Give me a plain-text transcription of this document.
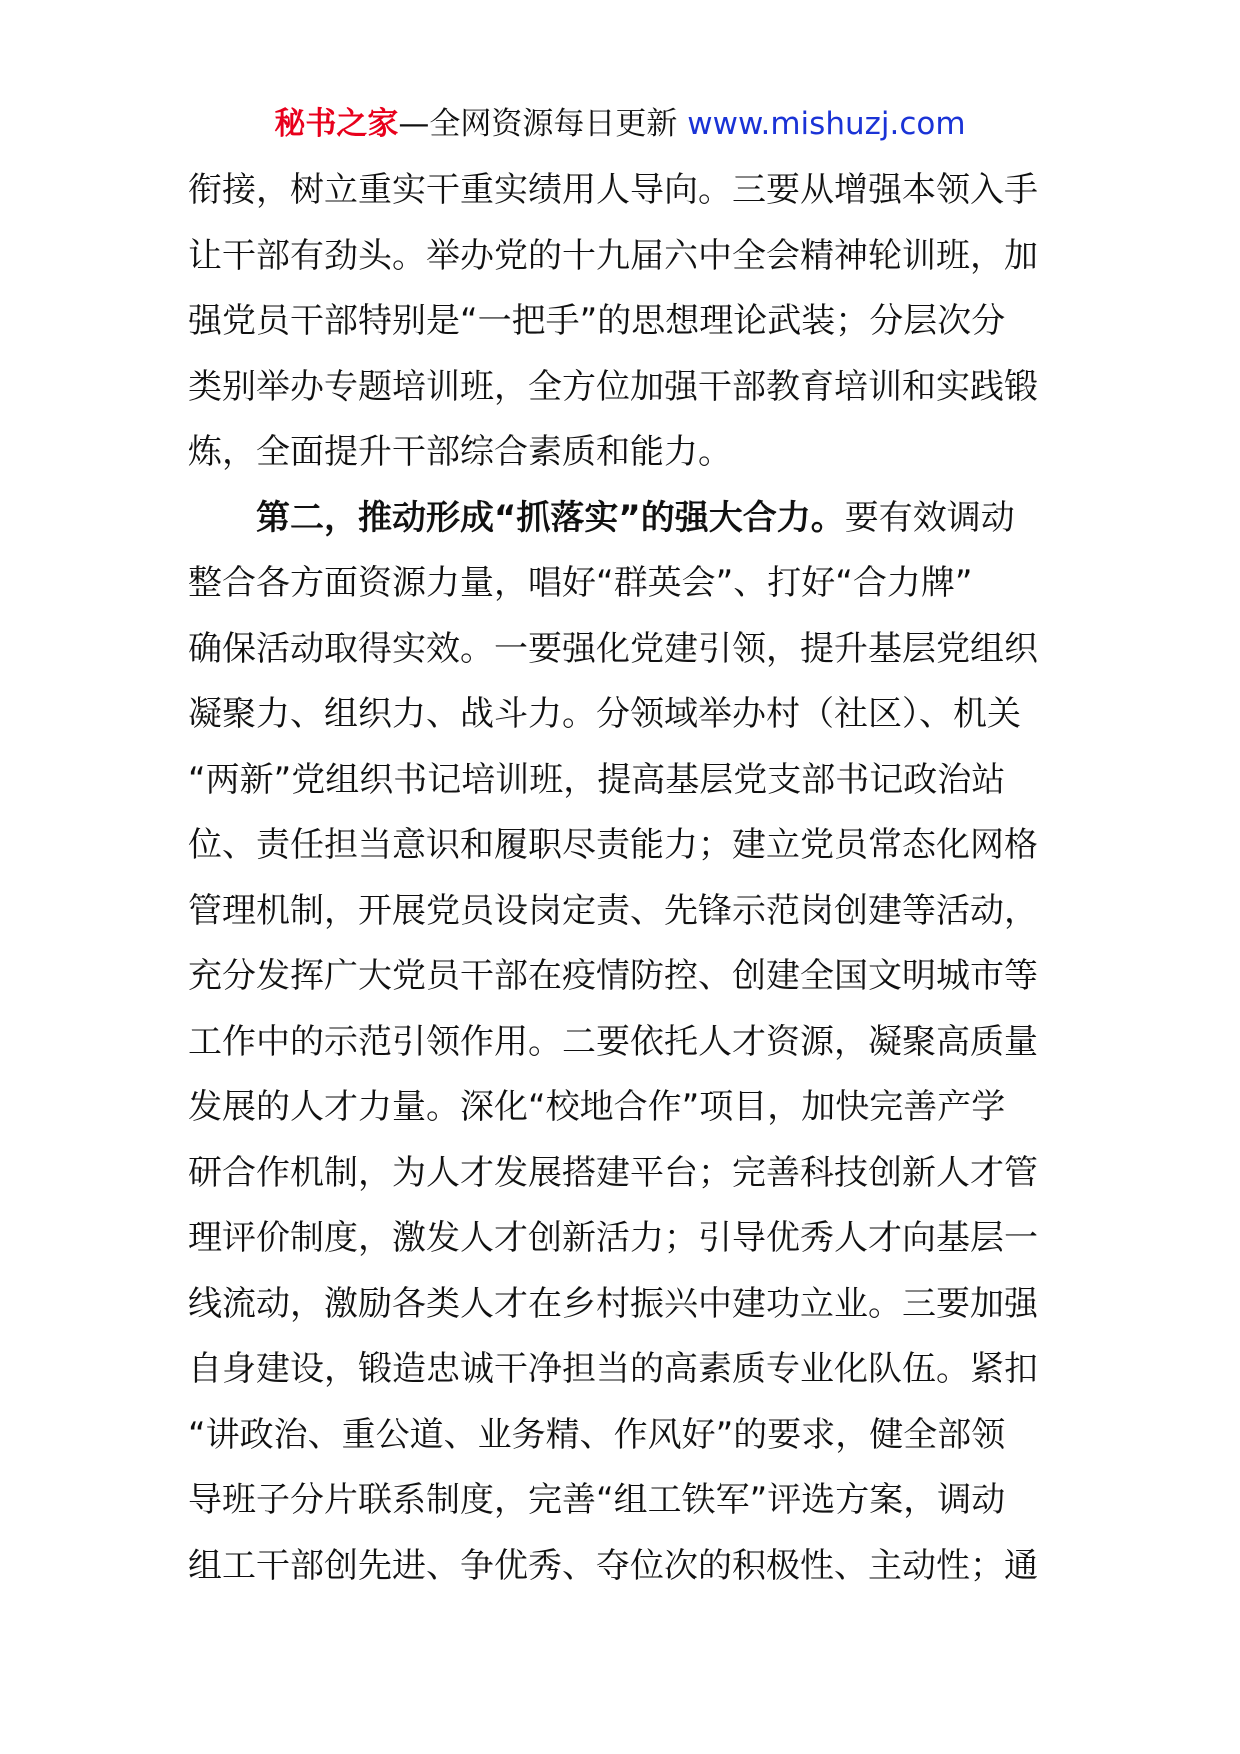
秘书之家—全网资源每日更新 www.mishuzj.com
衔接，树立重实干重实绩用人导向。三要从增强本领入手
让干部有劲头。举办党的十九届六中全会精神轮训班，加
强党员干部特别是“一把手”的思想理论武装；分层次分
类别举办专题培训班，全方位加强干部教育培训和实践锻
炼，全面提升干部综合素质和能力。
　　第二，推动形成“抓落实”的强大合力。要有效调动
整合各方面资源力量，唱好“群英会”、打好“合力牌”
确保活动取得实效。一要强化党建引领，提升基层党组织
凝聚力、组织力、战斗力。分领域举办村（社区）、机关
“两新”党组织书记培训班，提高基层党支部书记政治站
位、责任担当意识和履职尽责能力；建立党员常态化网格
管理机制，开展党员设岗定责、先锋示范岗创建等活动，
充分发挥广大党员干部在疫情防控、创建全国文明城市等
工作中的示范引领作用。二要依托人才资源，凝聚高质量
发展的人才力量。深化“校地合作”项目，加快完善产学
研合作机制，为人才发展搭建平台；完善科技创新人才管
理评价制度，激发人才创新活力；引导优秀人才向基层一
线流动，激励各类人才在乡村振兴中建功立业。三要加强
自身建设，锻造忠诚干净担当的高素质专业化队伍。紧扣
“讲政治、重公道、业务精、作风好”的要求，健全部领
导班子分片联系制度，完善“组工铁军”评选方案，调动
组工干部创先进、争优秀、夺位次的积极性、主动性；通
